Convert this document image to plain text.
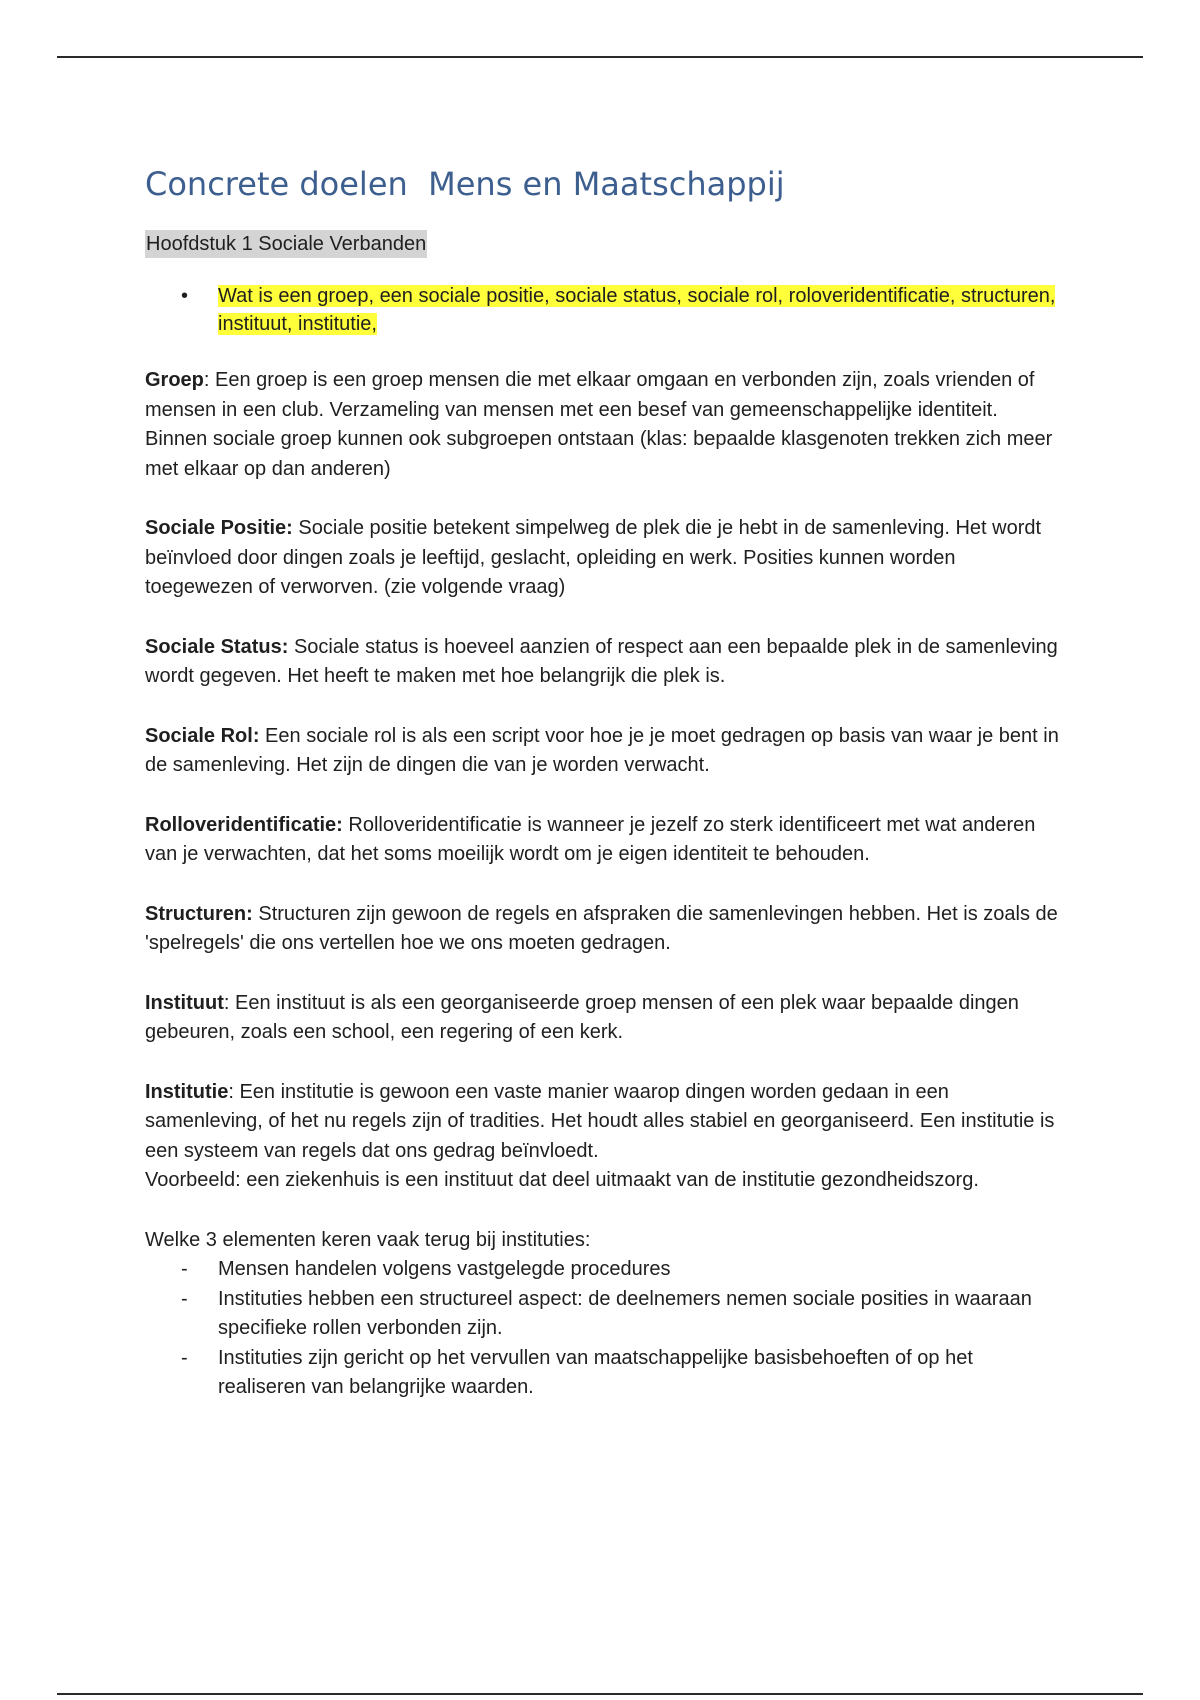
Concrete doelen  Mens en Maatschappij
Hoofdstuk 1 Sociale Verbanden
• Wat is een groep, een sociale positie, sociale status, sociale rol, roloveridentificatie, structuren, instituut, institutie,

Groep: Een groep is een groep mensen die met elkaar omgaan en verbonden zijn, zoals vrienden of mensen in een club. Verzameling van mensen met een besef van gemeenschappelijke identiteit. Binnen sociale groep kunnen ook subgroepen ontstaan (klas: bepaalde klasgenoten trekken zich meer met elkaar op dan anderen)

Sociale Positie: Sociale positie betekent simpelweg de plek die je hebt in de samenleving. Het wordt beïnvloed door dingen zoals je leeftijd, geslacht, opleiding en werk. Posities kunnen worden toegewezen of verworven. (zie volgende vraag)

Sociale Status: Sociale status is hoeveel aanzien of respect aan een bepaalde plek in de samenleving wordt gegeven. Het heeft te maken met hoe belangrijk die plek is.

Sociale Rol: Een sociale rol is als een script voor hoe je je moet gedragen op basis van waar je bent in de samenleving. Het zijn de dingen die van je worden verwacht.

Rolloveridentificatie: Rolloveridentificatie is wanneer je jezelf zo sterk identificeert met wat anderen van je verwachten, dat het soms moeilijk wordt om je eigen identiteit te behouden.

Structuren: Structuren zijn gewoon de regels en afspraken die samenlevingen hebben. Het is zoals de 'spelregels' die ons vertellen hoe we ons moeten gedragen.

Instituut: Een instituut is als een georganiseerde groep mensen of een plek waar bepaalde dingen gebeuren, zoals een school, een regering of een kerk.

Institutie: Een institutie is gewoon een vaste manier waarop dingen worden gedaan in een samenleving, of het nu regels zijn of tradities. Het houdt alles stabiel en georganiseerd. Een institutie is een systeem van regels dat ons gedrag beïnvloedt.

Voorbeeld: een ziekenhuis is een instituut dat deel uitmaakt van de institutie gezondheidszorg.

Welke 3 elementen keren vaak terug bij instituties:

- Mensen handelen volgens vastgelegde procedures
- Instituties hebben een structureel aspect: de deelnemers nemen sociale posities in waaraan specifieke rollen verbonden zijn.
- Instituties zijn gericht op het vervullen van maatschappelijke basisbehoeften of op het realiseren van belangrijke waarden.
